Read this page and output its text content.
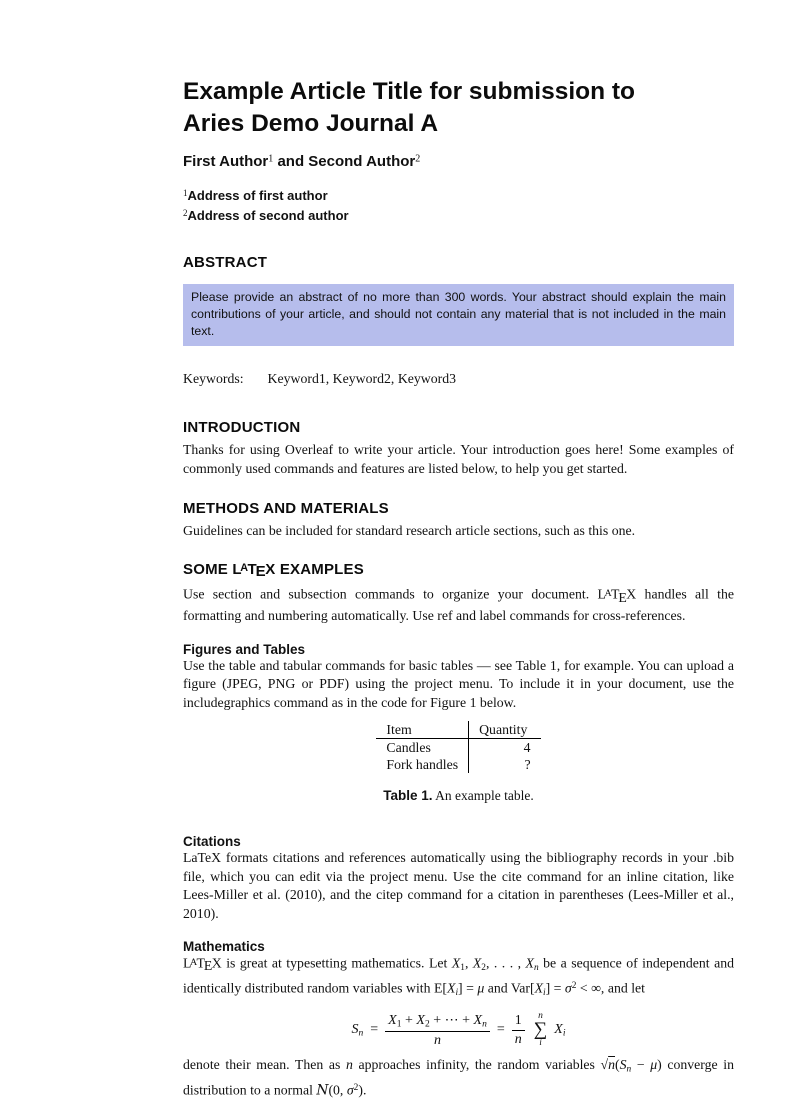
Example Article Title for submission to
Aries Demo Journal A
First Author$^1$ and Second Author$^2$
$^1$Address of first author
$^2$Address of second author
ABSTRACT

Please provide an abstract of no more than 300 words. Your abstract should explain the main contributions of your article, and should not contain any material that is not included in the main text.

Keywords: Keyword1, Keyword2, Keyword3
INTRODUCTION

Thanks for using Overleaf to write your article. Your introduction goes here! Some examples of commonly used commands and features are listed below, to help you get started.

METHODS AND MATERIALS

Guidelines can be included for standard research article sections, such as this one.

SOME LATEX EXAMPLES

Use section and subsection commands to organize your document. LATEX handles all the formatting and numbering automatically. Use ref and label commands for cross-references.

Figures and Tables

Use the table and tabular commands for basic tables — see Table 1, for example. You can upload a figure (JPEG, PNG or PDF) using the project menu. To include it in your document, use the includegraphics command as in the code for Figure 1 below.

Item	Quantity
Candles	4
Fork handles	?
Table 1. An example table.
Citations

LaTeX formats citations and references automatically using the bibliography records in your .bib file, which you can edit via the project menu. Use the cite command for an inline citation, like Lees-Miller et al. (2010), and the citep command for a citation in parentheses (Lees-Miller et al., 2010).

Mathematics

LATEX is great at typesetting mathematics. Let X1, X2, . . . , Xn be a sequence of independent and identically distributed random variables with E[Xi] = μ and $Var[Xi] = \sigma^2$ < ∞, and let

$Sn = \frac{X1 + X2 + \cdots + Xn}{n} = \frac{1}{n}$ n
∑
i
Xi

denote their mean. Then as n approaches infinity, the random variables √n(Sn − μ) converge in distribution to a normal N(0, $\sigma^2$).
